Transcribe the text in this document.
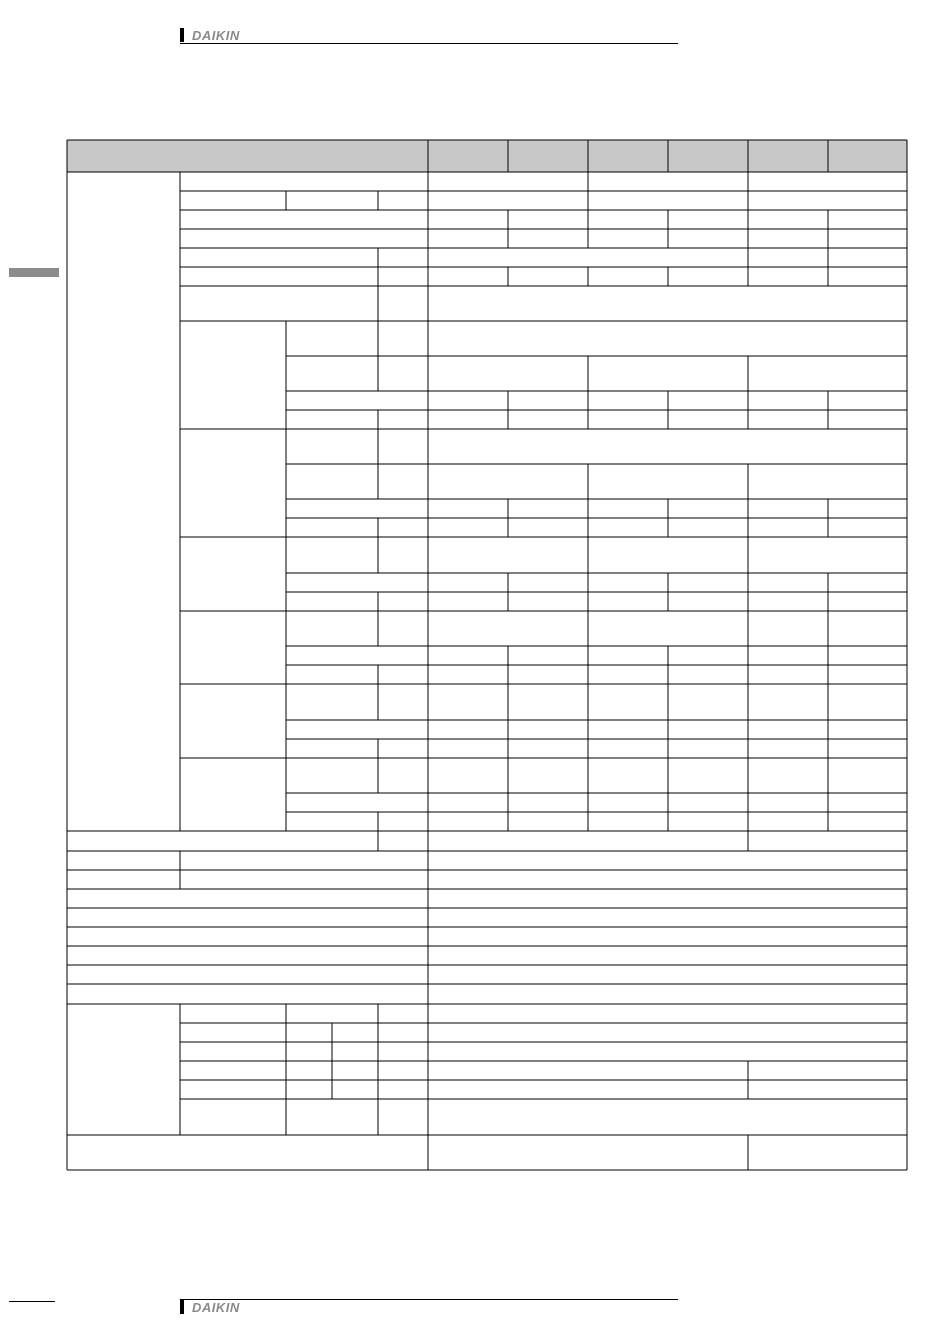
DAIKIN
DAIKIN
